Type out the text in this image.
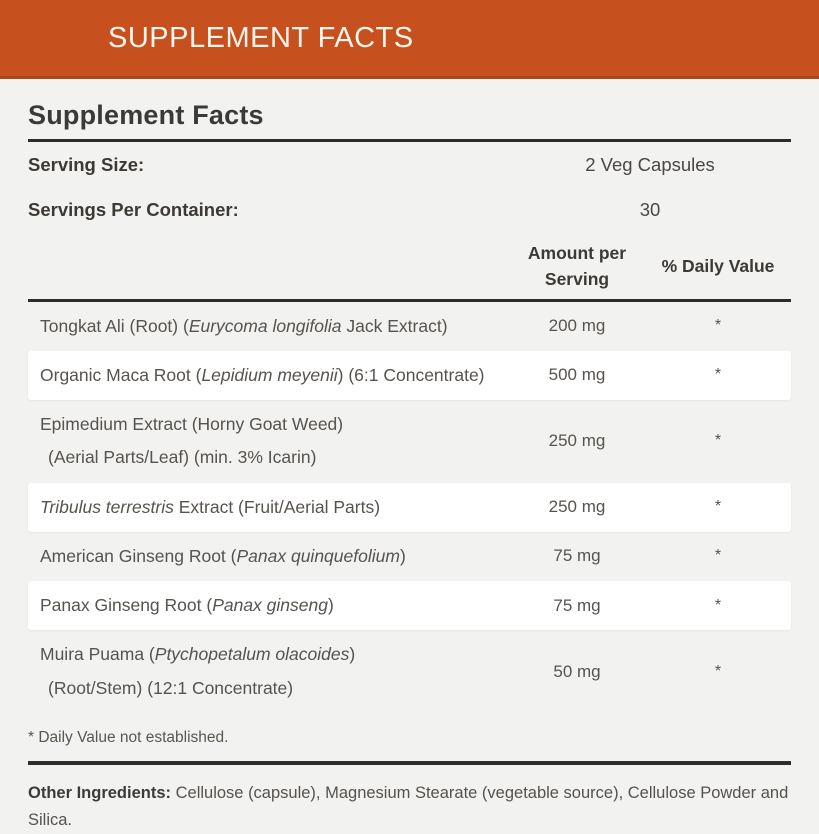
SUPPLEMENT FACTS
Supplement Facts
Serving Size:	2 Veg Capsules
Servings Per Container:	30
Amount per Serving
% Daily Value
Tongkat Ali (Root) (Eurycoma longifolia Jack Extract)	200 mg	*
Organic Maca Root (Lepidium meyenii) (6:1 Concentrate)	500 mg	*
Epimedium Extract (Horny Goat Weed)
(Aerial Parts/Leaf) (min. 3% Icarin)
250 mg	*
Tribulus terrestris Extract (Fruit/Aerial Parts)	250 mg	*
American Ginseng Root (Panax quinquefolium)	75 mg	*
Panax Ginseng Root (Panax ginseng)	75 mg	*
Muira Puama (Ptychopetalum olacoides)
(Root/Stem) (12:1 Concentrate)
50 mg	*
* Daily Value not established.

Other Ingredients: Cellulose (capsule), Magnesium Stearate (vegetable source), Cellulose Powder and Silica.
